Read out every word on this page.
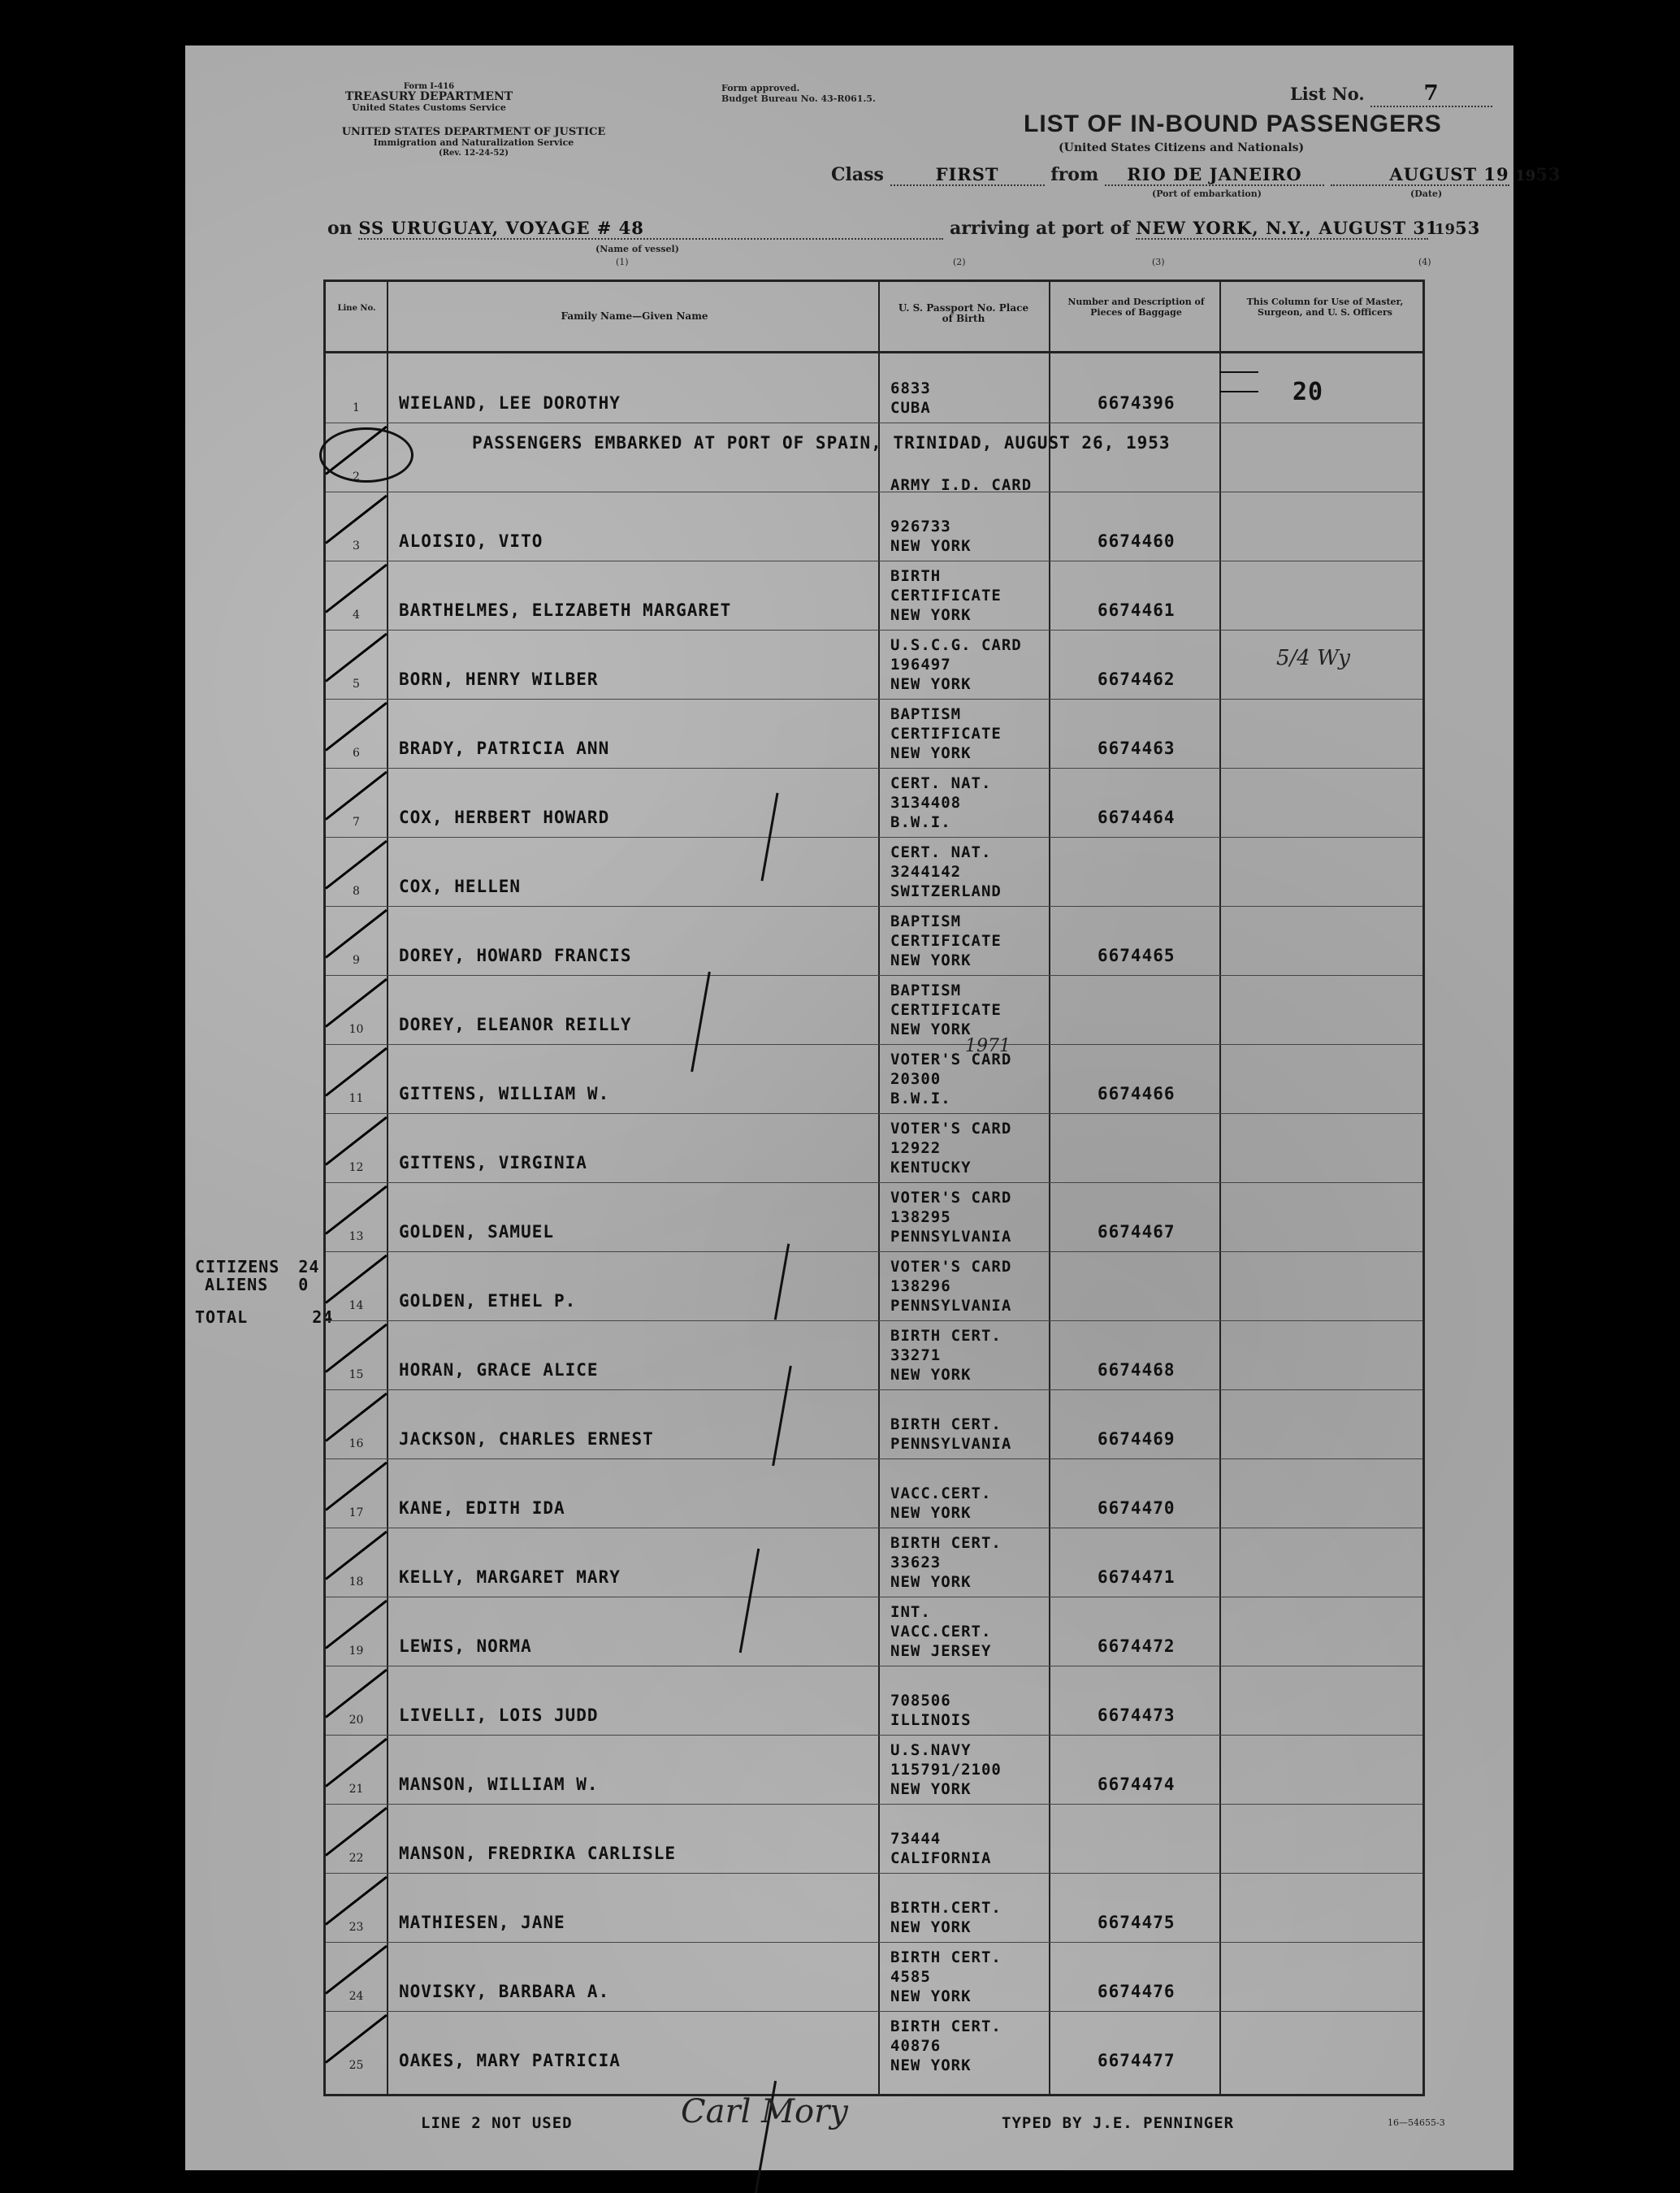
Form I-416
TREASURY DEPARTMENT
United States Customs Service
UNITED STATES DEPARTMENT OF JUSTICE
Immigration and Naturalization Service
(Rev. 12-24-52)
Form approved.
Budget Bureau No. 43-R061.5.	List No.	7
LIST OF IN-BOUND PASSENGERS
(United States Citizens and Nationals)
Class	FIRST	from RIO DE JANEIRO	AUGUST 19 1953
(Port of embarkation)	(Date)
on SS URUGUAY, VOYAGE # 48	arriving at port of NEW YORK, N.Y., AUGUST 31 1953
(Name of vessel)
(1)	(2)	(3)	(4)
CITIZENS 24
ALIENS 0
TOTAL	24
Line No.
Family Name—Given Name
U. S. Passport No. Place of Birth
Number and Description of Pieces of Baggage
This Column for Use of Master, Surgeon, and U. S. Officers
1	WIELAND, LEE DOROTHY
6833
CUBA	6674396
2
PASSENGERS EMBARKED AT PORT OF SPAIN, TRINIDAD, AUGUST 26, 1953
ARMY I.D. CARD
3	ALOISIO, VITO
926733
NEW YORK	6674460
4	BARTHELMES, ELIZABETH MARGARET
BIRTH
CERTIFICATE
NEW YORK	6674461
5	BORN, HENRY WILBER
U.S.C.G. CARD
196497
NEW YORK	6674462
6	BRADY, PATRICIA ANN
BAPTISM
CERTIFICATE
NEW YORK	6674463
7	COX, HERBERT HOWARD
CERT. NAT.
3134408
B.W.I.	6674464
8	COX, HELLEN
CERT. NAT.
3244142
SWITZERLAND
9	DOREY, HOWARD FRANCIS
BAPTISM
CERTIFICATE
NEW YORK	6674465
10	DOREY, ELEANOR REILLY
BAPTISM
CERTIFICATE
NEW YORK
11	GITTENS, WILLIAM W.
VOTER'S CARD
20300
B.W.I.	6674466
12	GITTENS, VIRGINIA
VOTER'S CARD
12922
KENTUCKY
13	GOLDEN, SAMUEL
VOTER'S CARD
138295
PENNSYLVANIA	6674467
14	GOLDEN, ETHEL P.
VOTER'S CARD
138296
PENNSYLVANIA
15	HORAN, GRACE ALICE
BIRTH CERT.
33271
NEW YORK	6674468
16	JACKSON, CHARLES ERNEST
BIRTH CERT.
PENNSYLVANIA	6674469
17	KANE, EDITH IDA
VACC.CERT.
NEW YORK	6674470
18	KELLY, MARGARET MARY
BIRTH CERT.
33623
NEW YORK	6674471
19	LEWIS, NORMA
INT.
VACC.CERT.
NEW JERSEY	6674472
20	LIVELLI, LOIS JUDD
708506
ILLINOIS	6674473
21	MANSON, WILLIAM W.
U.S.NAVY
115791/2100
NEW YORK	6674474
22	MANSON, FREDRIKA CARLISLE
73444
CALIFORNIA
23	MATHIESEN, JANE
BIRTH.CERT.
NEW YORK	6674475
24	NOVISKY, BARBARA A.
BIRTH CERT.
4585
NEW YORK	6674476
25	OAKES, MARY PATRICIA
BIRTH CERT.
40876
NEW YORK	6674477
20
5/4 Wy
1971
LINE 2 NOT USED	Carl Mory	TYPED BY J.E. PENNINGER	16—54655-3
